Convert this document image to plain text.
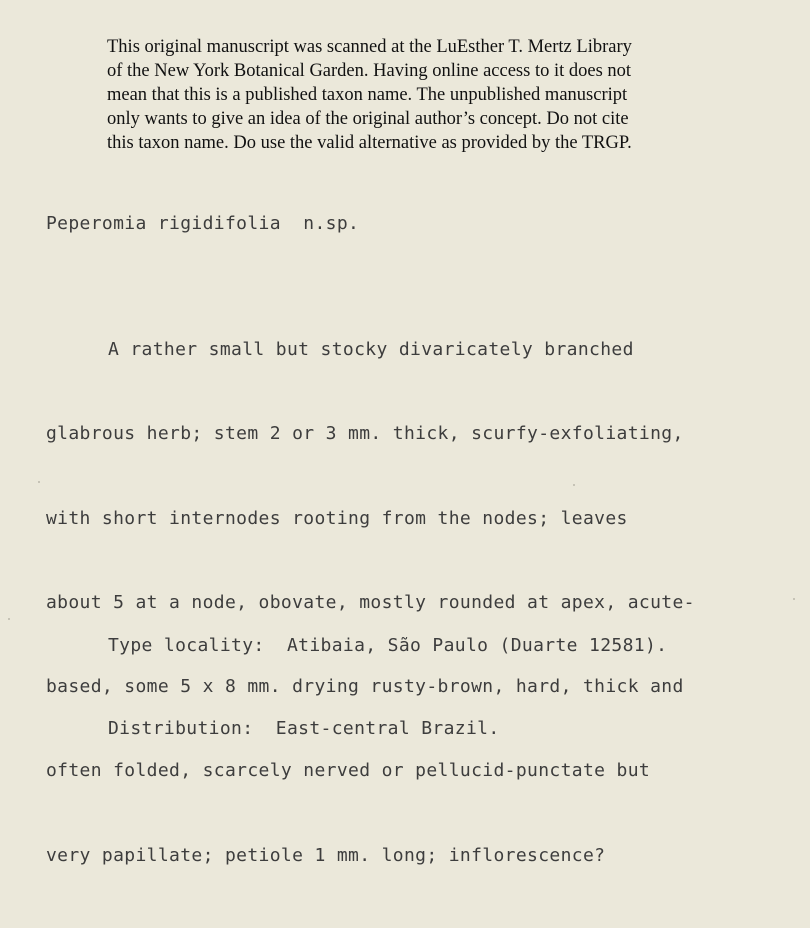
This original manuscript was scanned at the LuEsther T. Mertz Library
of the New York Botanical Garden. Having online access to it does not
mean that this is a published taxon name. The unpublished manuscript
only wants to give an idea of the original author’s concept. Do not cite
this taxon name. Do use the valid alternative as provided by the TRGP.
Peperomia rigidifolia  n.sp.

A rather small but stocky divaricately branched

glabrous herb; stem 2 or 3 mm. thick, scurfy-exfoliating,

with short internodes rooting from the nodes; leaves

about 5 at a node, obovate, mostly rounded at apex, acute-

based, some 5 x 8 mm. drying rusty-brown, hard, thick and

often folded, scarcely nerved or pellucid-punctate but

very papillate; petiole 1 mm. long; inflorescence?

Type locality:  Atibaia, São Paulo (Duarte 12581).
Distribution:  East-central Brazil.
